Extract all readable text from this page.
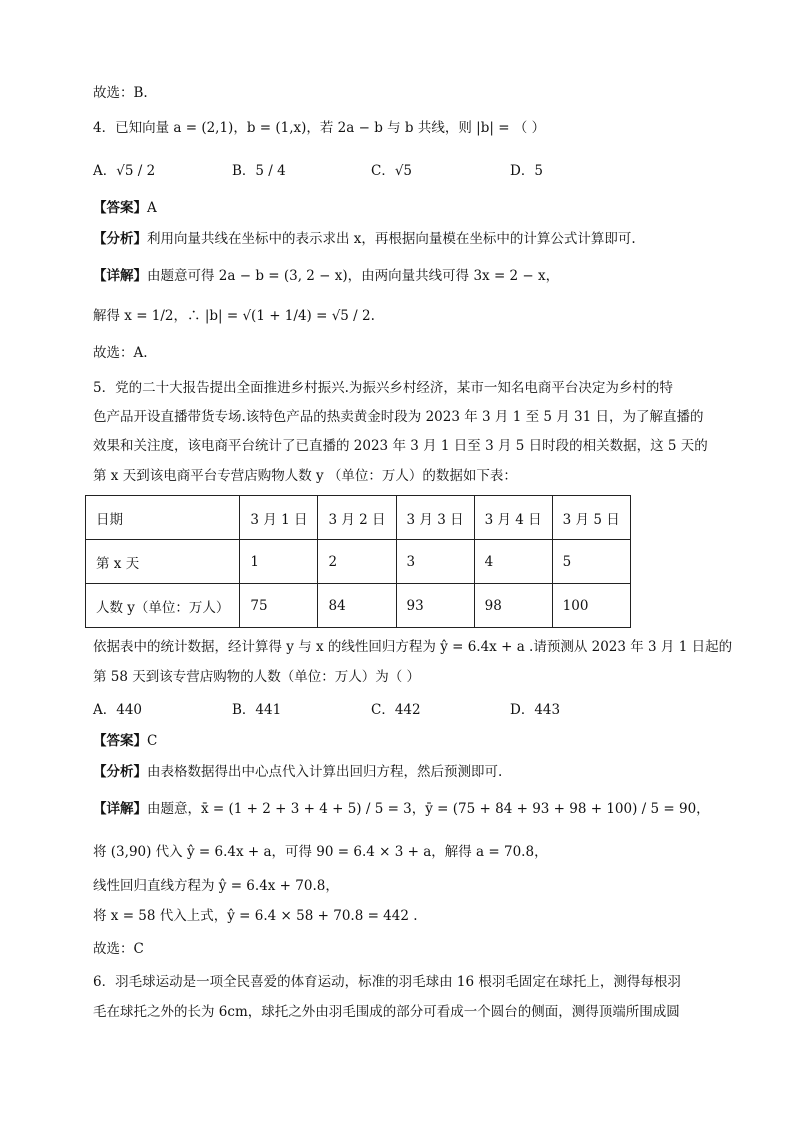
故选：B.
4．已知向量 a = (2,1)，b = (1,x)，若 2a − b 与 b 共线，则 |b| = （ ）
A．√5 / 2	B．5 / 4	C．√5	D．5
【答案】A
【分析】利用向量共线在坐标中的表示求出 x，再根据向量模在坐标中的计算公式计算即可.
【详解】由题意可得 2a − b = (3, 2 − x)，由两向量共线可得 3x = 2 − x，
解得 x = 1/2，∴ |b| = √(1 + 1/4) = √5 / 2.
故选：A.
5．党的二十大报告提出全面推进乡村振兴.为振兴乡村经济，某市一知名电商平台决定为乡村的特
色产品开设直播带货专场.该特色产品的热卖黄金时段为 2023 年 3 月 1 至 5 月 31 日，为了解直播的
效果和关注度，该电商平台统计了已直播的 2023 年 3 月 1 日至 3 月 5 日时段的相关数据，这 5 天的
第 x 天到该电商平台专营店购物人数 y （单位：万人）的数据如下表：
日期	3 月 1 日	3 月 2 日	3 月 3 日	3 月 4 日	3 月 5 日
第 x 天	1	2	3	4	5
人数 y（单位：万人）	75	84	93	98	100
依据表中的统计数据，经计算得 y 与 x 的线性回归方程为 ŷ = 6.4x + a .请预测从 2023 年 3 月 1 日起的
第 58 天到该专营店购物的人数（单位：万人）为（ ）
A．440	B．441	C．442	D．443
【答案】C
【分析】由表格数据得出中心点代入计算出回归方程，然后预测即可.
【详解】由题意，x̄ = (1 + 2 + 3 + 4 + 5) / 5 = 3，ȳ = (75 + 84 + 93 + 98 + 100) / 5 = 90，
将 (3,90) 代入 ŷ = 6.4x + a，可得 90 = 6.4 × 3 + a，解得 a = 70.8，
线性回归直线方程为 ŷ = 6.4x + 70.8，
将 x = 58 代入上式，ŷ = 6.4 × 58 + 70.8 = 442 .
故选：C
6．羽毛球运动是一项全民喜爱的体育运动，标准的羽毛球由 16 根羽毛固定在球托上，测得每根羽
毛在球托之外的长为 6cm，球托之外由羽毛围成的部分可看成一个圆台的侧面，测得顶端所围成圆
